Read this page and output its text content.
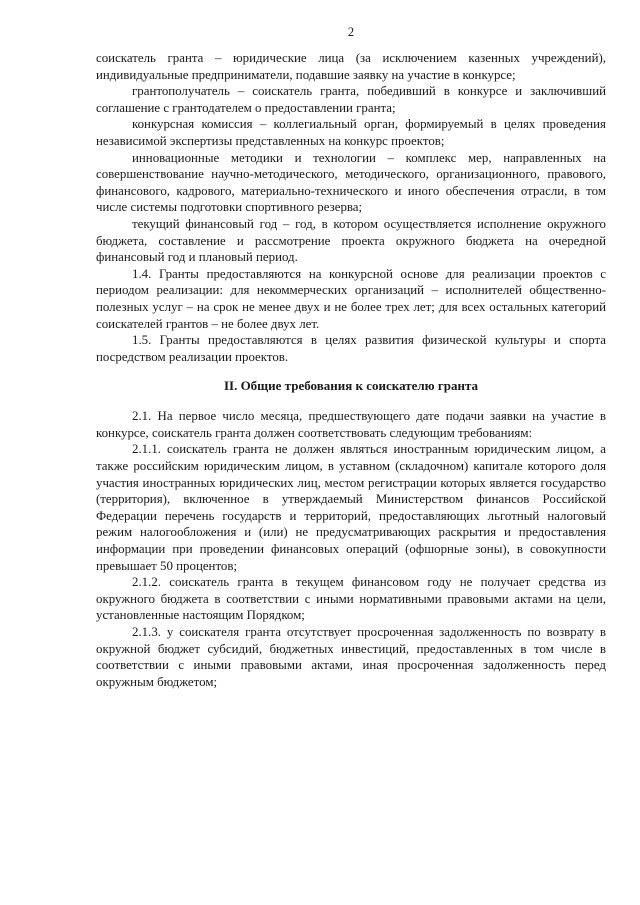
2

соискатель гранта – юридические лица (за исключением казенных учреждений), индивидуальные предприниматели, подавшие заявку на участие в конкурсе;

грантополучатель – соискатель гранта, победивший в конкурсе и заключивший соглашение с грантодателем о предоставлении гранта;

конкурсная комиссия – коллегиальный орган, формируемый в целях проведения независимой экспертизы представленных на конкурс проектов;

инновационные методики и технологии – комплекс мер, направленных на совершенствование научно-методического, методического, организационного, правового, финансового, кадрового, материально-технического и иного обеспечения отрасли, в том числе системы подготовки спортивного резерва;

текущий финансовый год – год, в котором осуществляется исполнение окружного бюджета, составление и рассмотрение проекта окружного бюджета на очередной финансовый год и плановый период.

1.4. Гранты предоставляются на конкурсной основе для реализации проектов с периодом реализации: для некоммерческих организаций – исполнителей общественно-полезных услуг – на срок не менее двух и не более трех лет; для всех остальных категорий соискателей грантов – не более двух лет.

1.5. Гранты предоставляются в целях развития физической культуры и спорта посредством реализации проектов.

II. Общие требования к соискателю гранта

2.1. На первое число месяца, предшествующего дате подачи заявки на участие в конкурсе, соискатель гранта должен соответствовать следующим требованиям:

2.1.1. соискатель гранта не должен являться иностранным юридическим лицом, а также российским юридическим лицом, в уставном (складочном) капитале которого доля участия иностранных юридических лиц, местом регистрации которых является государство (территория), включенное в утверждаемый Министерством финансов Российской Федерации перечень государств и территорий, предоставляющих льготный налоговый режим налогообложения и (или) не предусматривающих раскрытия и предоставления информации при проведении финансовых операций (офшорные зоны), в совокупности превышает 50 процентов;

2.1.2. соискатель гранта в текущем финансовом году не получает средства из окружного бюджета в соответствии с иными нормативными правовыми актами на цели, установленные настоящим Порядком;

2.1.3. у соискателя гранта отсутствует просроченная задолженность по возврату в окружной бюджет субсидий, бюджетных инвестиций, предоставленных в том числе в соответствии с иными правовыми актами, иная просроченная задолженность перед окружным бюджетом;
